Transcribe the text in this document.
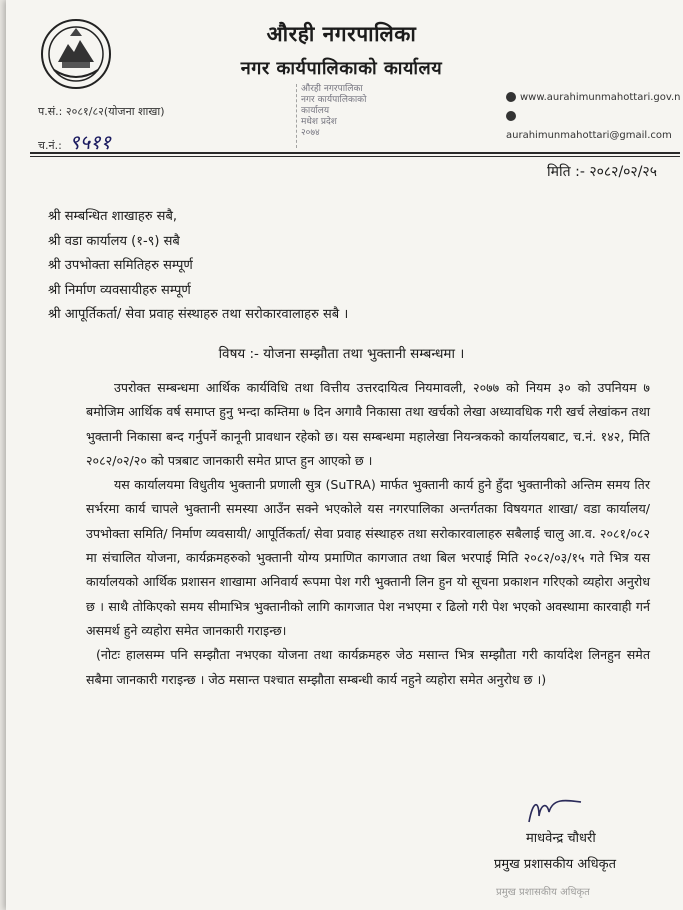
औरही नगरपालिका
नगर कार्यपालिकाको कार्यालय
प.सं.: २०८१/८२(योजना शाखा)
च.नं.: ९५११
औरही नगरपालिका
नगर कार्यपालिकाको कार्यालय
मधेश प्रदेश
२०७४
www.aurahimunmahottari.gov.n
aurahimunmahottari@gmail.com
मिति :- २०८२/०२/२५
श्री सम्बन्धित शाखाहरु सबै,
श्री वडा कार्यालय (१-९) सबै
श्री उपभोक्ता समितिहरु सम्पूर्ण
श्री निर्माण व्यवसायीहरु सम्पूर्ण
श्री आपूर्तिकर्ता/ सेवा प्रवाह संस्थाहरु तथा सरोकारवालाहरु सबै ।
विषय :- योजना सम्झौता तथा भुक्तानी सम्बन्धमा ।

उपरोक्त सम्बन्धमा आर्थिक कार्यविधि तथा वित्तीय उत्तरदायित्व नियमावली, २०७७ को नियम ३० को उपनियम ७ बमोजिम आर्थिक वर्ष समाप्त हुनु भन्दा कम्तिमा ७ दिन अगावै निकासा तथा खर्चको लेखा अध्यावधिक गरी खर्च लेखांकन तथा भुक्तानी निकासा बन्द गर्नुपर्ने कानूनी प्रावधान रहेको छ। यस सम्बन्धमा महालेखा नियन्त्रकको कार्यालयबाट, च.नं. १४२, मिति २०८२/०२/२० को पत्रबाट जानकारी समेत प्राप्त हुन आएको छ ।

यस कार्यालयमा विधुतीय भुक्तानी प्रणाली सुत्र (SuTRA) मार्फत भुक्तानी कार्य हुने हुँदा भुक्तानीको अन्तिम समय तिर सर्भरमा कार्य चापले भुक्तानी समस्या आउँन सक्ने भएकोले यस नगरपालिका अन्तर्गतका विषयगत शाखा/ वडा कार्यालय/ उपभोक्ता समिति/ निर्माण व्यवसायी/ आपूर्तिकर्ता/ सेवा प्रवाह संस्थाहरु तथा सरोकारवालाहरु सबैलाई चालु आ.व. २०८१/०८२ मा संचालित योजना, कार्यक्रमहरुको भुक्तानी योग्य प्रमाणित कागजात तथा बिल भरपाई मिति २०८२/०३/१५ गते भित्र यस कार्यालयको आर्थिक प्रशासन शाखामा अनिवार्य रूपमा पेश गरी भुक्तानी लिन हुन यो सूचना प्रकाशन गरिएको व्यहोरा अनुरोध छ । साथै तोकिएको समय सीमाभित्र भुक्तानीको लागि कागजात पेश नभएमा र ढिलो गरी पेश भएको अवस्थामा कारवाही गर्न असमर्थ हुने व्यहोरा समेत जानकारी गराइन्छ।

(नोटः हालसम्म पनि सम्झौता नभएका योजना तथा कार्यक्रमहरु जेठ मसान्त भित्र सम्झौता गरी कार्यादेश लिनहुन समेत सबैमा जानकारी गराइन्छ । जेठ मसान्त पश्चात सम्झौता सम्बन्धी कार्य नहुने व्यहोरा समेत अनुरोध छ ।)

माधवेन्द्र चौधरी
प्रमुख प्रशासकीय अधिकृत
प्रमुख प्रशासकीय अधिकृत
